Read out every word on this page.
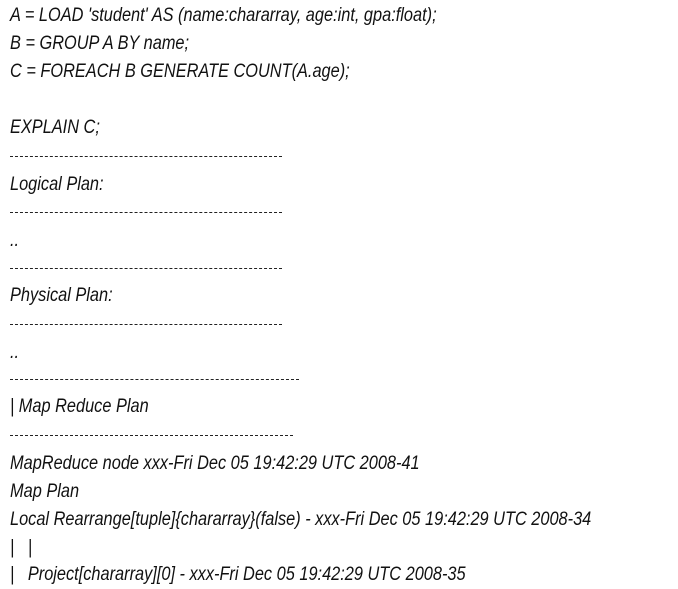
A = LOAD 'student' AS (name:chararray, age:int, gpa:float);
B = GROUP A BY name;
C = FOREACH B GENERATE COUNT(A.age);
EXPLAIN C;
Logical Plan:
..
Physical Plan:
..
| Map Reduce Plan
MapReduce node xxx-Fri Dec 05 19:42:29 UTC 2008-41
Map Plan
Local Rearrange[tuple]{chararray}(false) - xxx-Fri Dec 05 19:42:29 UTC 2008-34
|   |
|   Project[chararray][0] - xxx-Fri Dec 05 19:42:29 UTC 2008-35
